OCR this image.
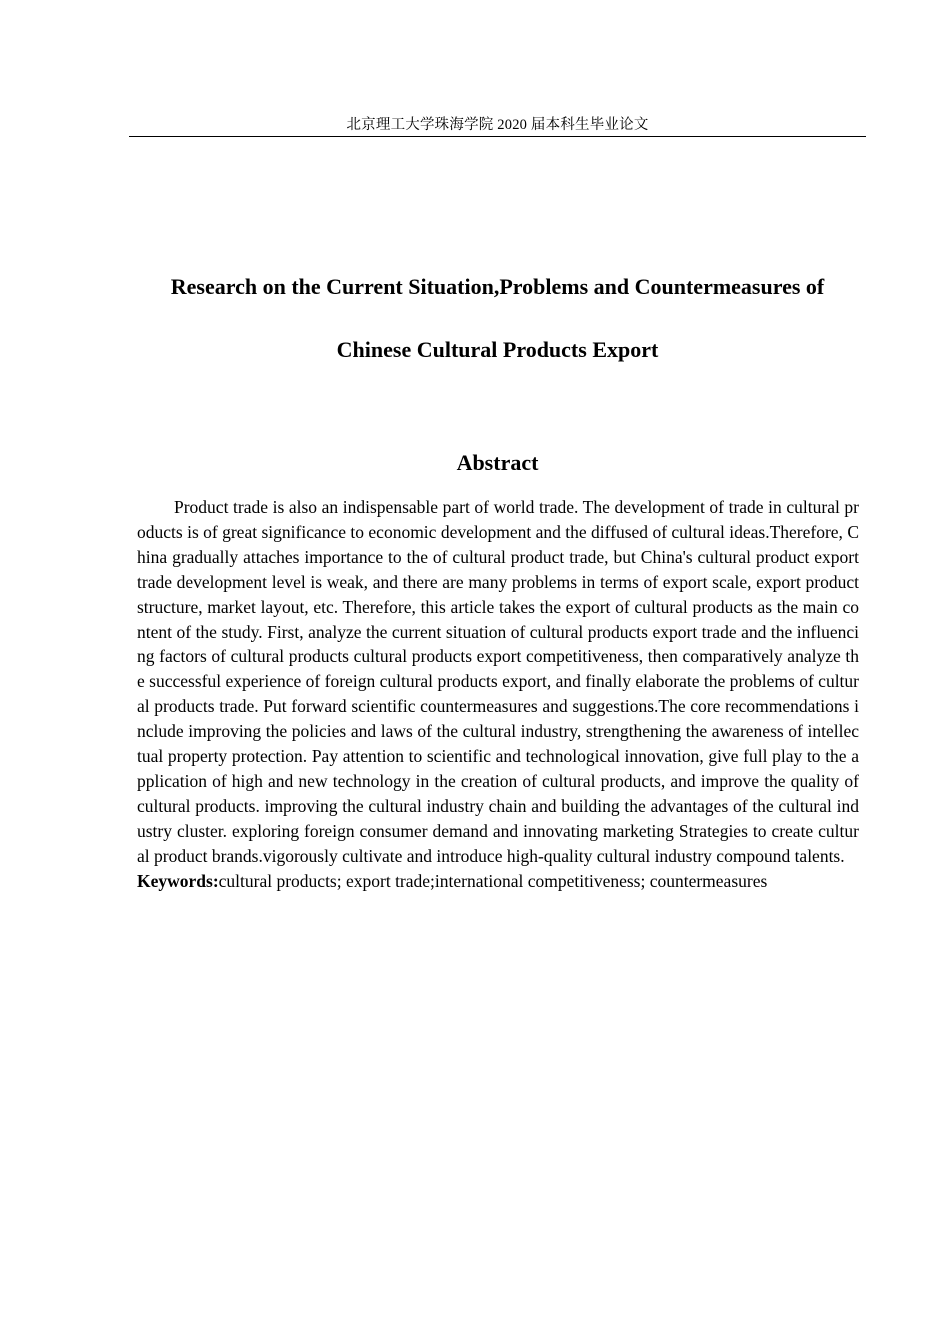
北京理工大学珠海学院 2020 届本科生毕业论文
Research on the Current Situation,Problems and Countermeasures of
Chinese Cultural Products Export
Abstract

Product trade is also an indispensable part of world trade. The development of trade in cultural products is of great significance to economic development and the diffused of cultural ideas.Therefore, China gradually attaches importance to the of cultural product trade, but China's cultural product export trade development level is weak, and there are many problems in terms of export scale, export product structure, market layout, etc. Therefore, this article takes the export of cultural products as the main content of the study. First, analyze the current situation of cultural products export trade and the influencing factors of cultural products cultural products export competitiveness, then comparatively analyze the successful experience of foreign cultural products export, and finally elaborate the problems of cultural products trade. Put forward scientific countermeasures and suggestions.The core recommendations include improving the policies and laws of the cultural industry, strengthening the awareness of intellectual property protection. Pay attention to scientific and technological innovation, give full play to the application of high and new technology in the creation of cultural products, and improve the quality of cultural products. improving the cultural industry chain and building the advantages of the cultural industry cluster. exploring foreign consumer demand and innovating marketing Strategies to create cultural product brands.vigorously cultivate and introduce high-quality cultural industry compound talents.

Keywords:cultural products; export trade;international competitiveness; countermeasures
